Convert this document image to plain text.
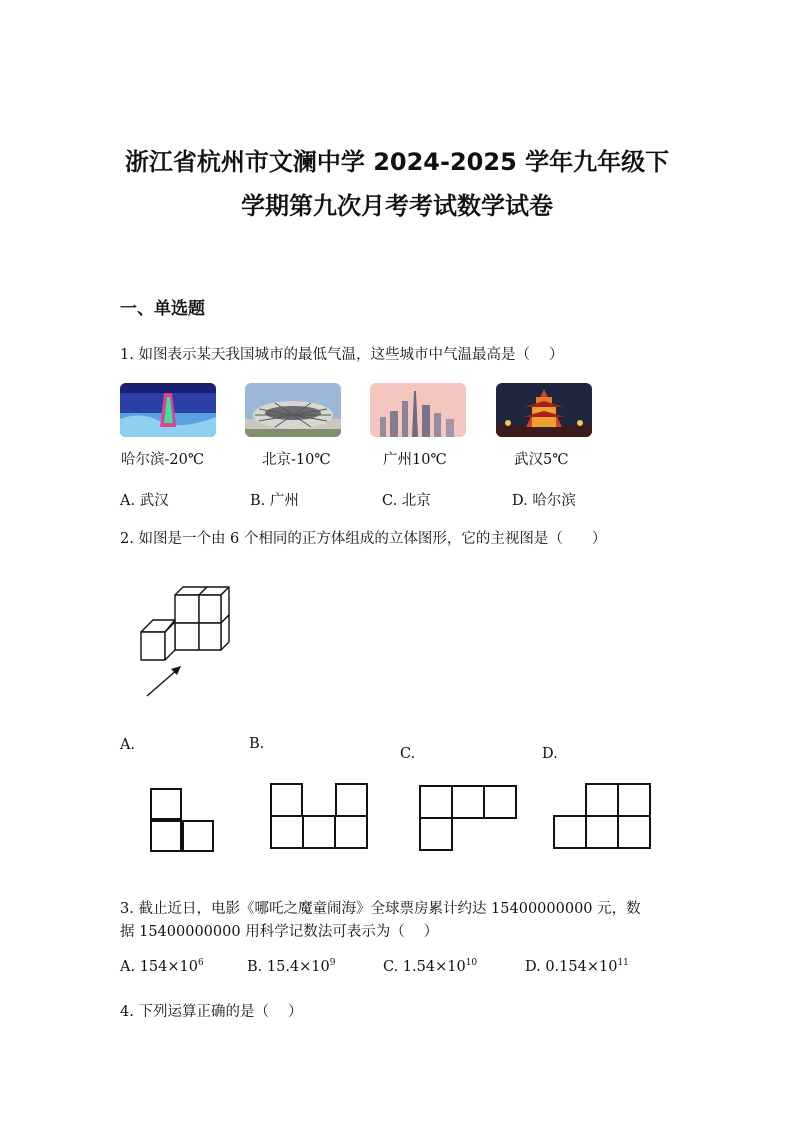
浙江省杭州市文澜中学 2024-2025 学年九年级下
学期第九次月考考试数学试卷
一、单选题
1. 如图表示某天我国城市的最低气温，这些城市中气温最高是（　 ）
哈尔滨-20℃	北京-10℃	广州10℃	武汉5℃
A. 武汉	B. 广州	C. 北京	D. 哈尔滨
2. 如图是一个由 6 个相同的正方体组成的立体图形，它的主视图是（　　）
A.	B.
C.	D.
3. 截止近日，电影《哪吒之魔童闹海》全球票房累计约达 15400000000 元，数
据 15400000000 用科学记数法可表示为（　 ）
A. $154\times 10^6$	B. $15.4\times 10^9$	C. $1.54\times 10^{10}$	D. $0.154\times 10^{11}$
4. 下列运算正确的是（　 ）
